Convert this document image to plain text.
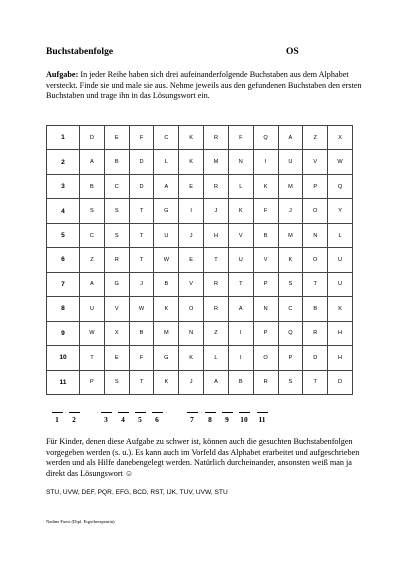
Buchstabenfolge	OS
Aufgabe: In jeder Reihe haben sich drei aufeinanderfolgende Buchstaben aus dem Alphabet versteckt. Finde sie und male sie aus. Nehme jeweils aus den gefundenen Buchstaben den ersten Buchstaben und trage ihn in das Lösungswort ein.
1	D	E	F	C	K	R	F	Q	A	Z	X
2	A	B	D	L	K	M	N	I	U	V	W
3	B	C	D	A	E	R	L	K	M	P	Q
4	S	S	T	G	I	J	K	F	J	O	Y
5	C	S	T	U	J	H	V	B	M	N	L
6	Z	R	T	W	E	T	U	V	K	O	U
7	A	G	J	B	V	R	T	P	S	T	U
8	U	V	W	K	O	R	A	N	C	B	K
9	W	X	B	M	N	Z	I	P	Q	R	H
10	T	E	F	G	K	L	I	O	P	D	H
11	P	S	T	K	J	A	B	R	S	T	D
1	2	3	4	5	6	7	8	9	10 11
Für Kinder, denen diese Aufgabe zu schwer ist, können auch die gesuchten Buchstabenfolgen vorgegeben werden (s. u.). Es kann auch im Vorfeld das Alphabet erarbeitet und aufgeschrieben werden und als Hilfe danebengelegt werden. Natürlich durcheinander, ansonsten weiß man ja direkt das Lösungswort ☺
STU, UVW, DEF, PQR, EFG, BCD, RST, IJK, TUV, UVW, STU
Nadine Fuest (Dipl. Ergotherapeutin)
